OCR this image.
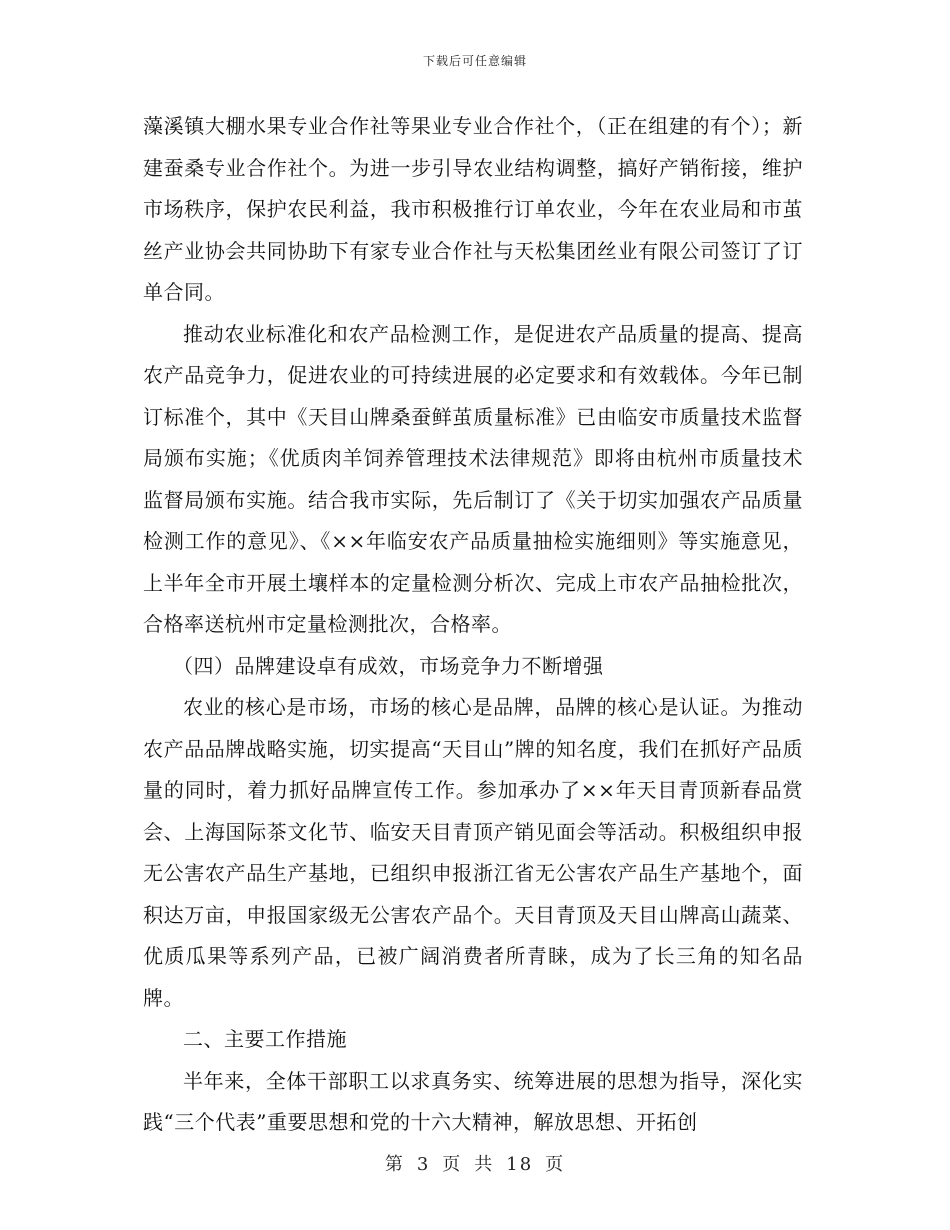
下载后可任意编辑

藻溪镇大棚水果专业合作社等果业专业合作社个，（正在组建的有个）；新建蚕桑专业合作社个。为进一步引导农业结构调整，搞好产销衔接，维护市场秩序，保护农民利益，我市积极推行订单农业，今年在农业局和市茧丝产业协会共同协助下有家专业合作社与天松集团丝业有限公司签订了订单合同。

推动农业标准化和农产品检测工作，是促进农产品质量的提高、提高农产品竞争力，促进农业的可持续进展的必定要求和有效载体。今年已制订标准个，其中《天目山牌桑蚕鲜茧质量标准》已由临安市质量技术监督局颁布实施；《优质肉羊饲养管理技术法律规范》即将由杭州市质量技术监督局颁布实施。结合我市实际，先后制订了《关于切实加强农产品质量检测工作的意见》、《××年临安农产品质量抽检实施细则》等实施意见，上半年全市开展土壤样本的定量检测分析次、完成上市农产品抽检批次，合格率送杭州市定量检测批次，合格率。

（四）品牌建设卓有成效，市场竞争力不断增强

农业的核心是市场，市场的核心是品牌，品牌的核心是认证。为推动农产品品牌战略实施，切实提高“天目山”牌的知名度，我们在抓好产品质量的同时，着力抓好品牌宣传工作。参加承办了××年天目青顶新春品赏会、上海国际茶文化节、临安天目青顶产销见面会等活动。积极组织申报无公害农产品生产基地，已组织申报浙江省无公害农产品生产基地个，面积达万亩，申报国家级无公害农产品个。天目青顶及天目山牌高山蔬菜、优质瓜果等系列产品，已被广阔消费者所青睐，成为了长三角的知名品牌。

二、主要工作措施

半年来，全体干部职工以求真务实、统筹进展的思想为指导，深化实践“三个代表”重要思想和党的十六大精神，解放思想、开拓创

第 3 页 共 18 页
